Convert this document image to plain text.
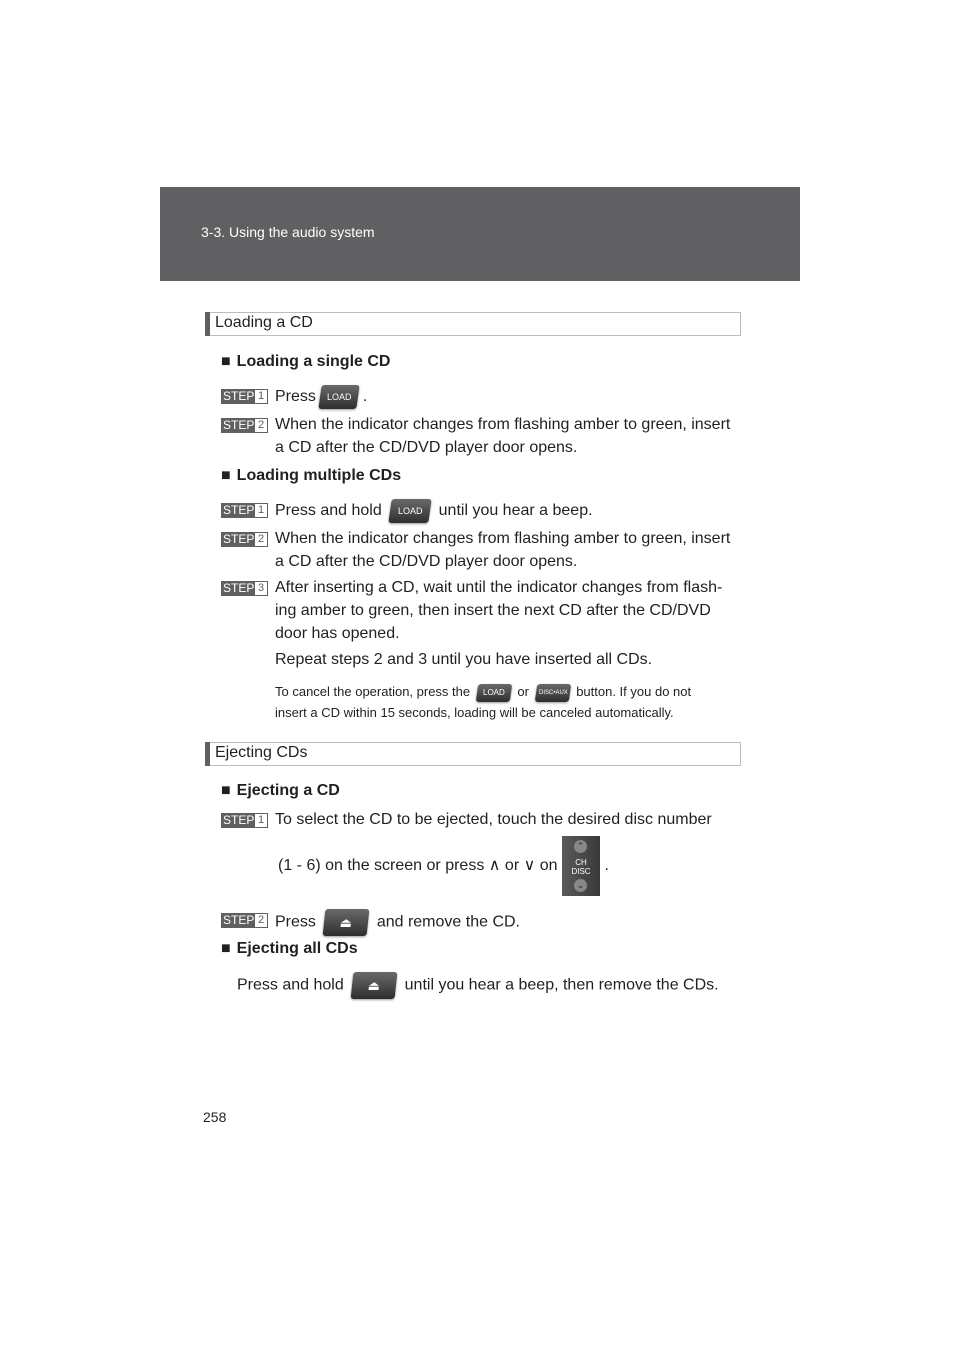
3-3. Using the audio system
Loading a CD
■ Loading a single CD
STEP 1 Press LOAD .
STEP 2 When the indicator changes from flashing amber to green, insert
a CD after the CD/DVD player door opens.
■ Loading multiple CDs
STEP 1 Press and hold LOAD until you hear a beep.
STEP 2 When the indicator changes from flashing amber to green, insert
a CD after the CD/DVD player door opens.
STEP 3 After inserting a CD, wait until the indicator changes from flash-
ing amber to green, then insert the next CD after the CD/DVD
door has opened.
Repeat steps 2 and 3 until you have inserted all CDs.
To cancel the operation, press the LOAD or DISC•AUX button. If you do not
insert a CD within 15 seconds, loading will be canceled automatically.
Ejecting CDs
■ Ejecting a CD
STEP 1 To select the CD to be ejected, touch the desired disc number
(1 - 6) on the screen or press ∧ or ∨ on
⌃
CH
DISC
⌄
.
STEP 2 Press ⏏ and remove the CD.
■ Ejecting all CDs
Press and hold ⏏ until you hear a beep, then remove the CDs.
258
